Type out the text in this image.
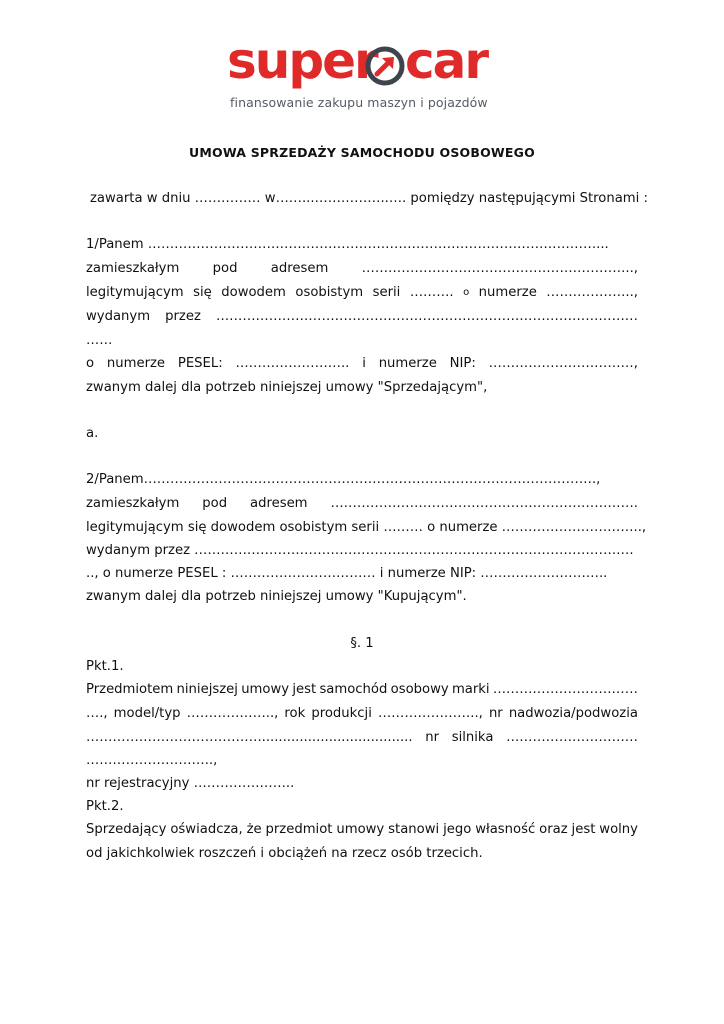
super car
finansowanie zakupu maszyn i pojazdów
UMOWA SPRZEDAŻY SAMOCHODU OSOBOWEGO
zawarta w dniu …………… w……...……………..…. pomiędzy następującymi Stronami :
1/Panem …………………………………………………………………………………………...
zamieszkałym	pod	adresem	……………………………………………………..,
legitymującym się dowodem osobistym serii ………. o numerze ………………..,
wydanym przez ……………………………………………………………………………………
……
o numerze PESEL: …………………….. i numerze NIP: ……………………………,
zwanym dalej dla potrzeb niniejszej umowy "Sprzedającym",
a.
2/Panem………………………………………………………………………………………….,
zamieszkałym pod adresem …………………………………………………………….
legitymującym się dowodem osobistym serii ……… o numerze …………………………..,
wydanym przez ……………………………………………………………………………………….
.., o numerze PESEL : …………………………… i numerze NIP: ………………………..
zwanym dalej dla potrzeb niniejszej umowy "Kupującym".
§. 1
Pkt.1.
Przedmiotem niniejszej umowy jest samochód osobowy marki ……………………………
…., model/typ ……………….., rok produkcji ………………….., nr nadwozia/podwozia
…………………………………..................................... nr silnika …………………………
………………………..,
nr rejestracyjny …………………..
Pkt.2.
Sprzedający oświadcza, że przedmiot umowy stanowi jego własność oraz jest wolny
od jakichkolwiek roszczeń i obciążeń na rzecz osób trzecich.
